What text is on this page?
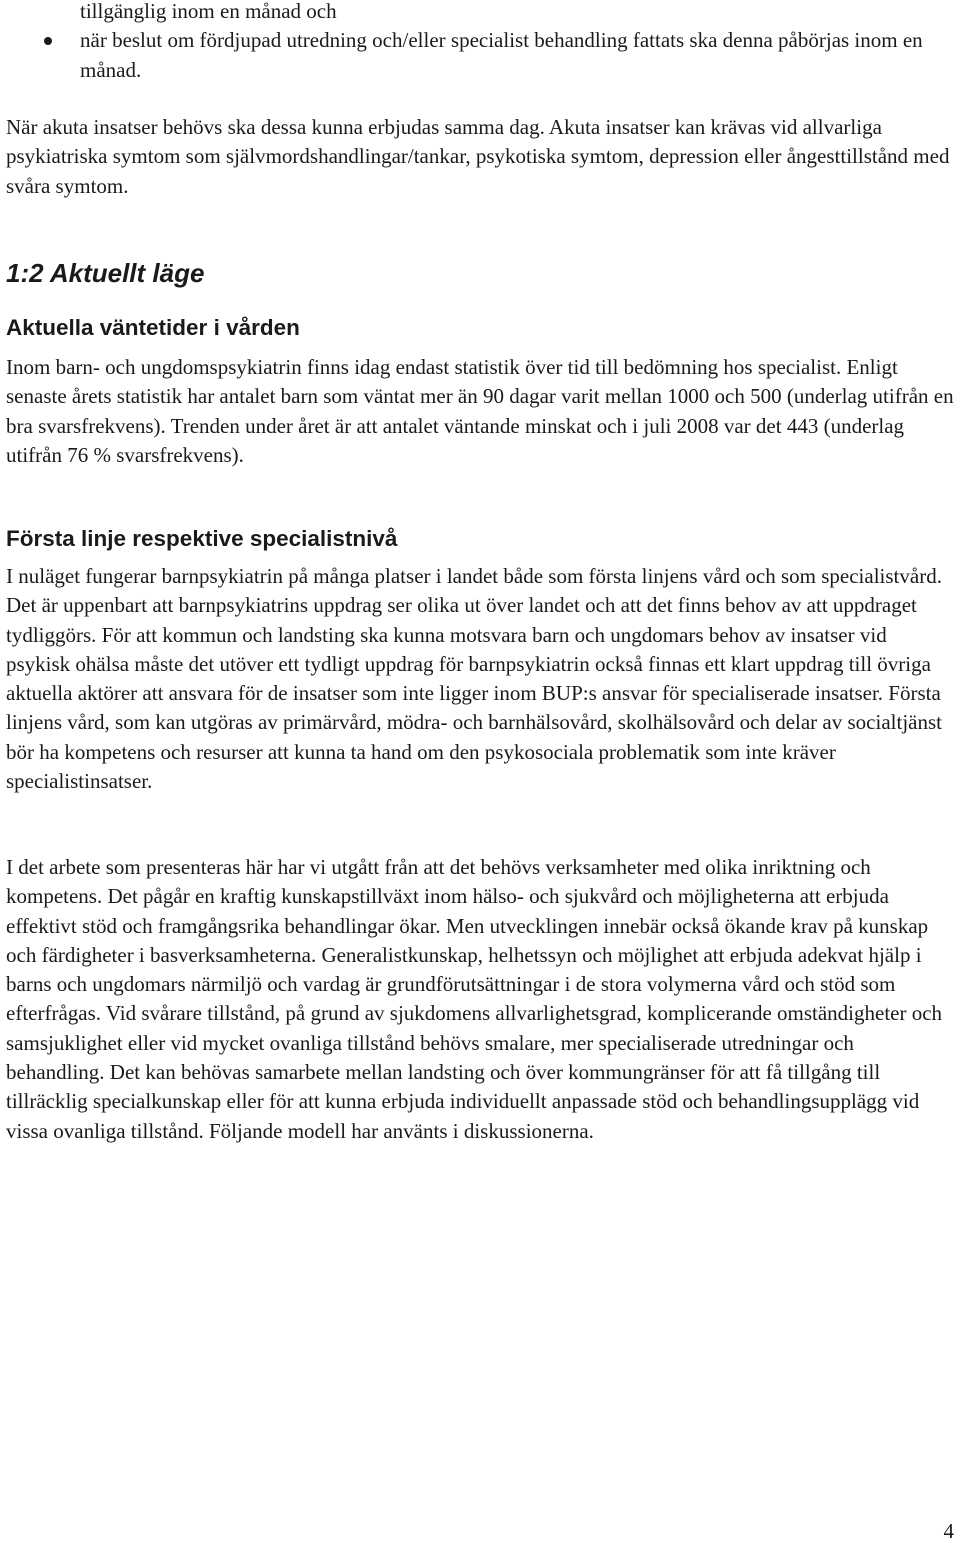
tillgänglig inom en månad och

när beslut om fördjupad utredning och/eller specialist behandling fattats ska denna påbörjas inom en månad.

När akuta insatser behövs ska dessa kunna erbjudas samma dag. Akuta insatser kan krävas vid allvarliga psykiatriska symtom som självmordshandlingar/tankar, psykotiska symtom, depression eller ångesttillstånd med svåra symtom.

1:2 Aktuellt läge
Aktuella väntetider i vården

Inom barn- och ungdomspsykiatrin finns idag endast statistik över tid till bedömning hos specialist. Enligt senaste årets statistik har antalet barn som väntat mer än 90 dagar varit mellan 1000 och 500 (underlag utifrån en bra svarsfrekvens). Trenden under året är att antalet väntande minskat och i juli 2008 var det 443 (underlag utifrån 76 % svarsfrekvens).

Första linje respektive specialistnivå

I nuläget fungerar barnpsykiatrin på många platser i landet både som första linjens vård och som specialistvård. Det är uppenbart att barnpsykiatrins uppdrag ser olika ut över landet och att det finns behov av att uppdraget tydliggörs. För att kommun och landsting ska kunna motsvara barn och ungdomars behov av insatser vid psykisk ohälsa måste det utöver ett tydligt uppdrag för barnpsykiatrin också finnas ett klart uppdrag till övriga aktuella aktörer att ansvara för de insatser som inte ligger inom BUP:s ansvar för specialiserade insatser. Första linjens vård, som kan utgöras av primärvård, mödra- och barnhälsovård, skolhälsovård och delar av socialtjänst bör ha kompetens och resurser att kunna ta hand om den psykosociala problematik som inte kräver specialistinsatser.

I det arbete som presenteras här har vi utgått från att det behövs verksamheter med olika inriktning och kompetens. Det pågår en kraftig kunskapstillväxt inom hälso- och sjukvård och möjligheterna att erbjuda effektivt stöd och framgångsrika behandlingar ökar. Men utvecklingen innebär också ökande krav på kunskap och färdigheter i basverksamheterna. Generalistkunskap, helhetssyn och möjlighet att erbjuda adekvat hjälp i barns och ungdomars närmiljö och vardag är grundförutsättningar i de stora volymerna vård och stöd som efterfrågas. Vid svårare tillstånd, på grund av sjukdomens allvarlighetsgrad, komplicerande omständigheter och samsjuklighet eller vid mycket ovanliga tillstånd behövs smalare, mer specialiserade utredningar och behandling. Det kan behövas samarbete mellan landsting och över kommungränser för att få tillgång till tillräcklig specialkunskap eller för att kunna erbjuda individuellt anpassade stöd och behandlingsupplägg vid vissa ovanliga tillstånd. Följande modell har använts i diskussionerna.

4
